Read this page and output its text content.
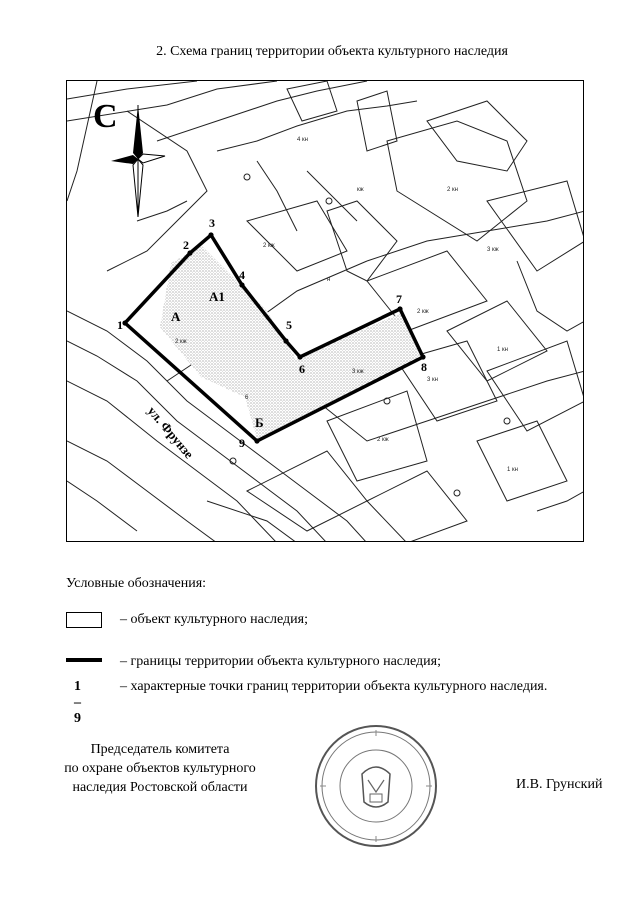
2. Схема границ территории объекта культурного наследия
1
2
3
4
5
6
7
8
9
А
А1
Б
6
2 кж
2 кж
3 кж
2 кн
2 кж
1 кн
3 кж
3 кн
4 кн
кж
н
2 кж
1 кн
ул. Фрунзе
С
Условные обозначения:
– объект культурного наследия;
– границы территории объекта культурного наследия;
1 – 9
– характерные точки границ территории объекта культурного наследия.
Председатель комитета
по охране объектов культурного
наследия Ростовской области	И.В. Грунский
